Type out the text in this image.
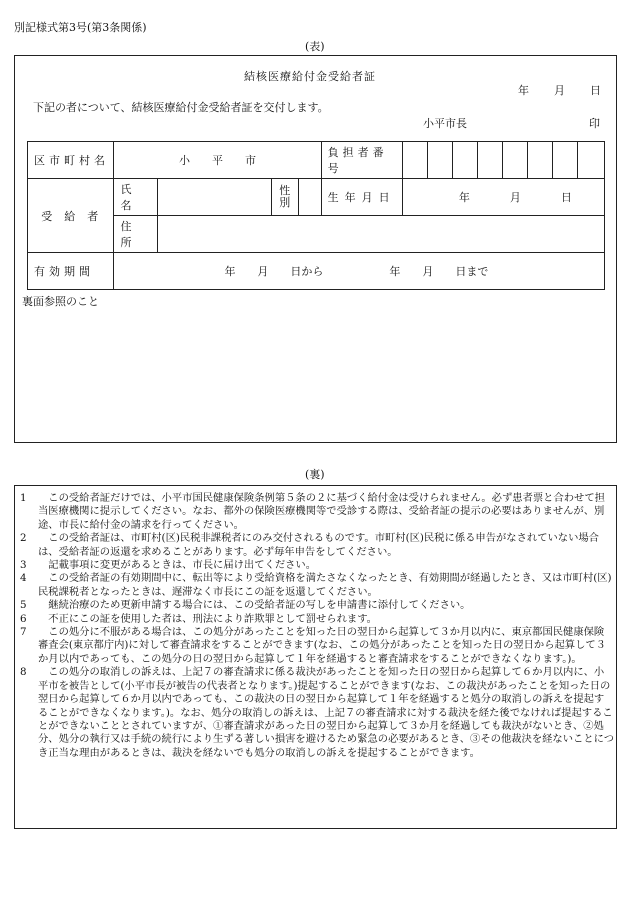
別記様式第3号(第3条関係)
(表)
結核医療給付金受給者証
年 月 日
下記の者について、結核医療給付金受給者証を交付します。
小平市長	印
区市町村名	小　　平　　市				負担者番号								
受給者	氏名		性別		生年月日	年 月 日							
	住所												
有効期間	年　　月　　日から　　　　　　年　　月　　日まで												
裏面参照のこと
(裏)
1	　この受給者証だけでは、小平市国民健康保険条例第５条の２に基づく給付金は受けられません。必ず患者票と合わせて担当医療機関に提示してください。なお、都外の保険医療機関等で受診する際は、受給者証の提示の必要はありませんが、別途、市長に給付金の請求を行ってください。
2	　この受給者証は、市町村(区)民税非課税者にのみ交付されるものです。市町村(区)民税に係る申告がなされていない場合は、受給者証の返還を求めることがあります。必ず毎年申告をしてください。
3	　記載事項に変更があるときは、市長に届け出てください。
4	　この受給者証の有効期間中に、転出等により受給資格を満たさなくなったとき、有効期間が経過したとき、又は市町村(区)民税課税者となったときは、遅滞なく市長にこの証を返還してください。
5	　継続治療のため更新申請する場合には、この受給者証の写しを申請書に添付してください。
6	　不正にこの証を使用した者は、刑法により詐欺罪として罰せられます。
7	　この処分に不服がある場合は、この処分があったことを知った日の翌日から起算して３か月以内に、東京都国民健康保険審査会(東京都庁内)に対して審査請求をすることができます(なお、この処分があったことを知った日の翌日から起算して３か月以内であっても、この処分の日の翌日から起算して１年を経過すると審査請求をすることができなくなります。)。
8	　この処分の取消しの訴えは、上記７の審査請求に係る裁決があったことを知った日の翌日から起算して６か月以内に、小平市を被告として(小平市長が被告の代表者となります。)提起することができます(なお、この裁決があったことを知った日の翌日から起算して６か月以内であっても、この裁決の日の翌日から起算して１年を経過すると処分の取消しの訴えを提起することができなくなります。)。なお、処分の取消しの訴えは、上記７の審査請求に対する裁決を経た後でなければ提起することができないこととされていますが、①審査請求があった日の翌日から起算して３か月を経過しても裁決がないとき、②処分、処分の執行又は手続の続行により生ずる著しい損害を避けるため緊急の必要があるとき、③その他裁決を経ないことにつき正当な理由があるときは、裁決を経ないでも処分の取消しの訴えを提起することができます。
